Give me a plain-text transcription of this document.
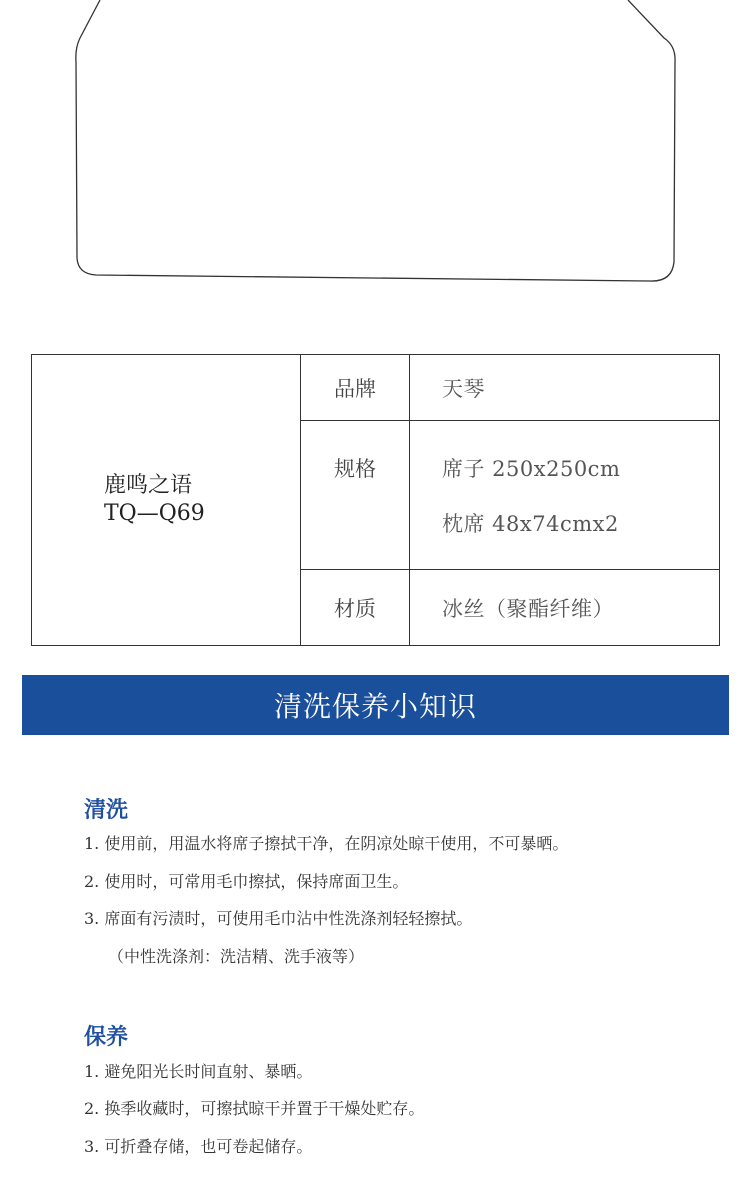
鹿鸣之语
TQ—Q69
品牌	天琴
规格	席子 250x250cm
枕席 48x74cmx2
材质	冰丝（聚酯纤维）
清洗保养小知识
清洗
1. 使用前，用温水将席子擦拭干净，在阴凉处晾干使用，不可暴晒。
2. 使用时，可常用毛巾擦拭，保持席面卫生。
3. 席面有污渍时，可使用毛巾沾中性洗涤剂轻轻擦拭。
（中性洗涤剂：洗洁精、洗手液等）
保养
1. 避免阳光长时间直射、暴晒。
2. 换季收藏时，可擦拭晾干并置于干燥处贮存。
3. 可折叠存储，也可卷起储存。
